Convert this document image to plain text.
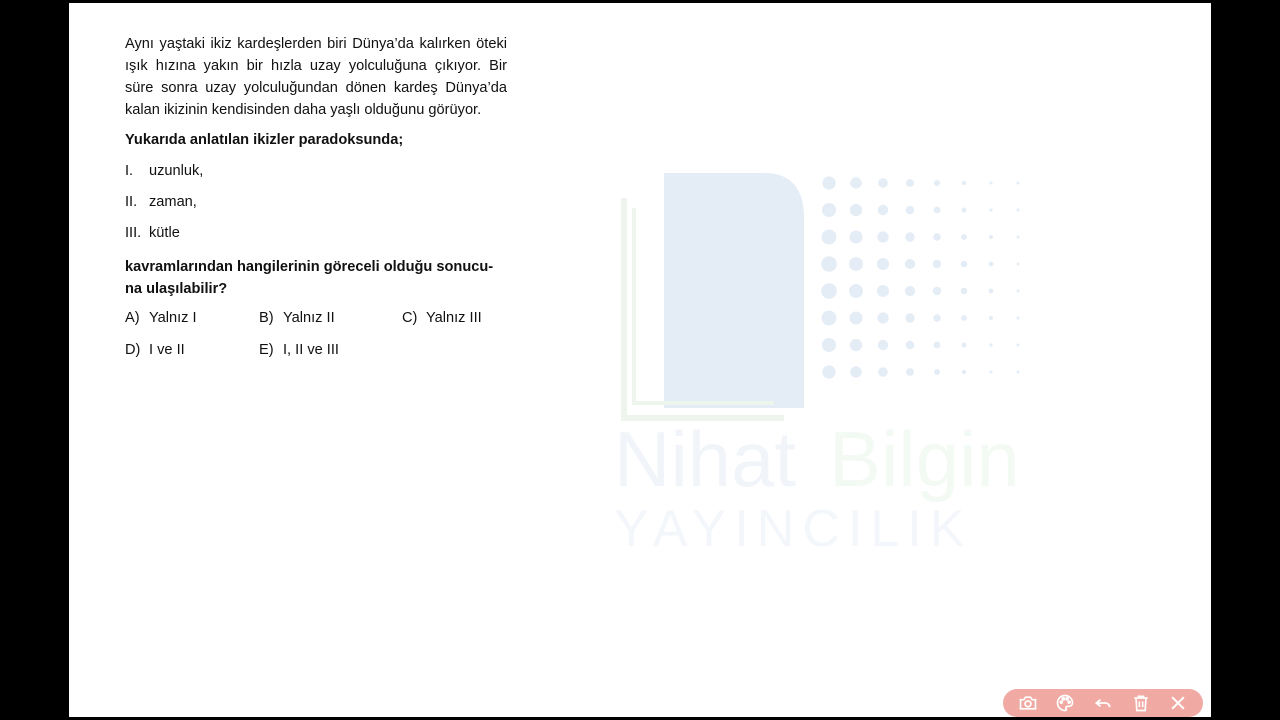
Nihat Bilgin
YAYINCILIK

Aynı yaştaki ikiz kardeşlerden biri Dünya’da kalırken öteki ışık hızına yakın bir hızla uzay yolculuğuna çıkıyor. Bir süre sonra uzay yolculuğundan dönen kardeş Dünya’da kalan ikizinin kendisinden daha yaşlı olduğunu görüyor.

Yukarıda anlatılan ikizler paradoksunda;

I. uzunluk,
II. zaman,
III. kütle

kavramlarından hangilerinin göreceli olduğu sonucu-
na ulaşılabilir?

A) Yalnız I	B) Yalnız II	C) Yalnız III
D) I ve II	E) I, II ve III
